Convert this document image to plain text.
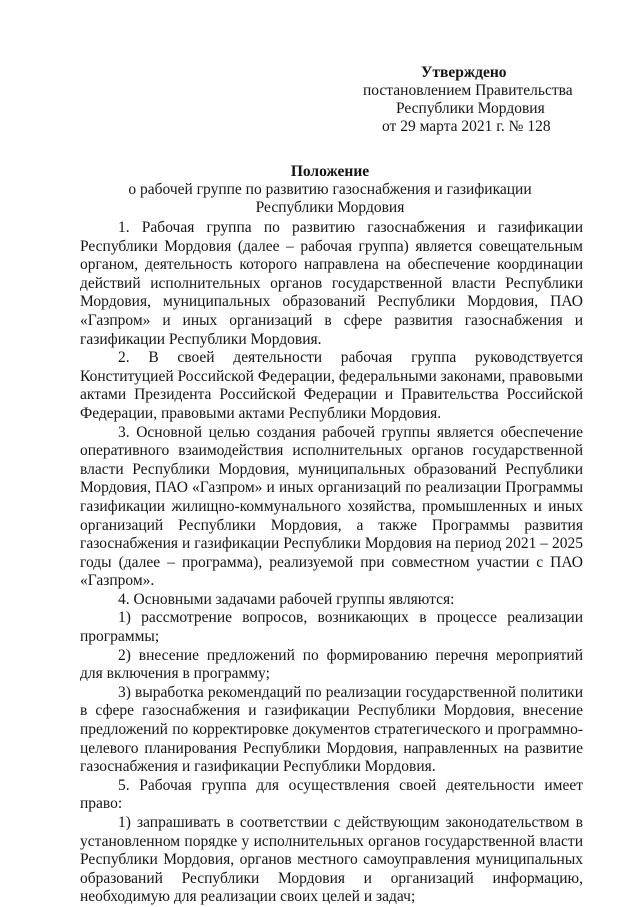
Утверждено
постановлением Правительства
Республики Мордовия
от 29 марта 2021 г. № 128
Положение
о рабочей группе по развитию газоснабжения и газификации
Республики Мордовия

1. Рабочая группа по развитию газоснабжения и газификации Республики Мордовия (далее – рабочая группа) является совещательным органом, деятельность которого направлена на обеспечение координации действий исполнительных органов государственной власти Республики Мордовия, муниципальных образований Республики Мордовия, ПАО «Газпром» и иных организаций в сфере развития газоснабжения и газификации Республики Мордовия.

2. В своей деятельности рабочая группа руководствуется Конституцией Российской Федерации, федеральными законами, правовыми актами Президента Российской Федерации и Правительства Российской Федерации, правовыми актами Республики Мордовия.

3. Основной целью создания рабочей группы является обеспечение оперативного взаимодействия исполнительных органов государственной власти Республики Мордовия, муниципальных образований Республики Мордовия, ПАО «Газпром» и иных организаций по реализации Программы газификации жилищно-коммунального хозяйства, промышленных и иных организаций Республики Мордовия, а также Программы развития газоснабжения и газификации Республики Мордовия на период 2021 – 2025 годы (далее – программа), реализуемой при совместном участии с ПАО «Газпром».

4. Основными задачами рабочей группы являются:

1) рассмотрение вопросов, возникающих в процессе реализации программы;

2) внесение предложений по формированию перечня мероприятий для включения в программу;

3) выработка рекомендаций по реализации государственной политики в сфере газоснабжения и газификации Республики Мордовия, внесение предложений по корректировке документов стратегического и программно-целевого планирования Республики Мордовия, направленных на развитие газоснабжения и газификации Республики Мордовия.

5. Рабочая группа для осуществления своей деятельности имеет право:

1) запрашивать в соответствии с действующим законодательством в установленном порядке у исполнительных органов государственной власти Республики Мордовия, органов местного самоуправления муниципальных образований Республики Мордовия и организаций информацию, необходимую для реализации своих целей и задач;
